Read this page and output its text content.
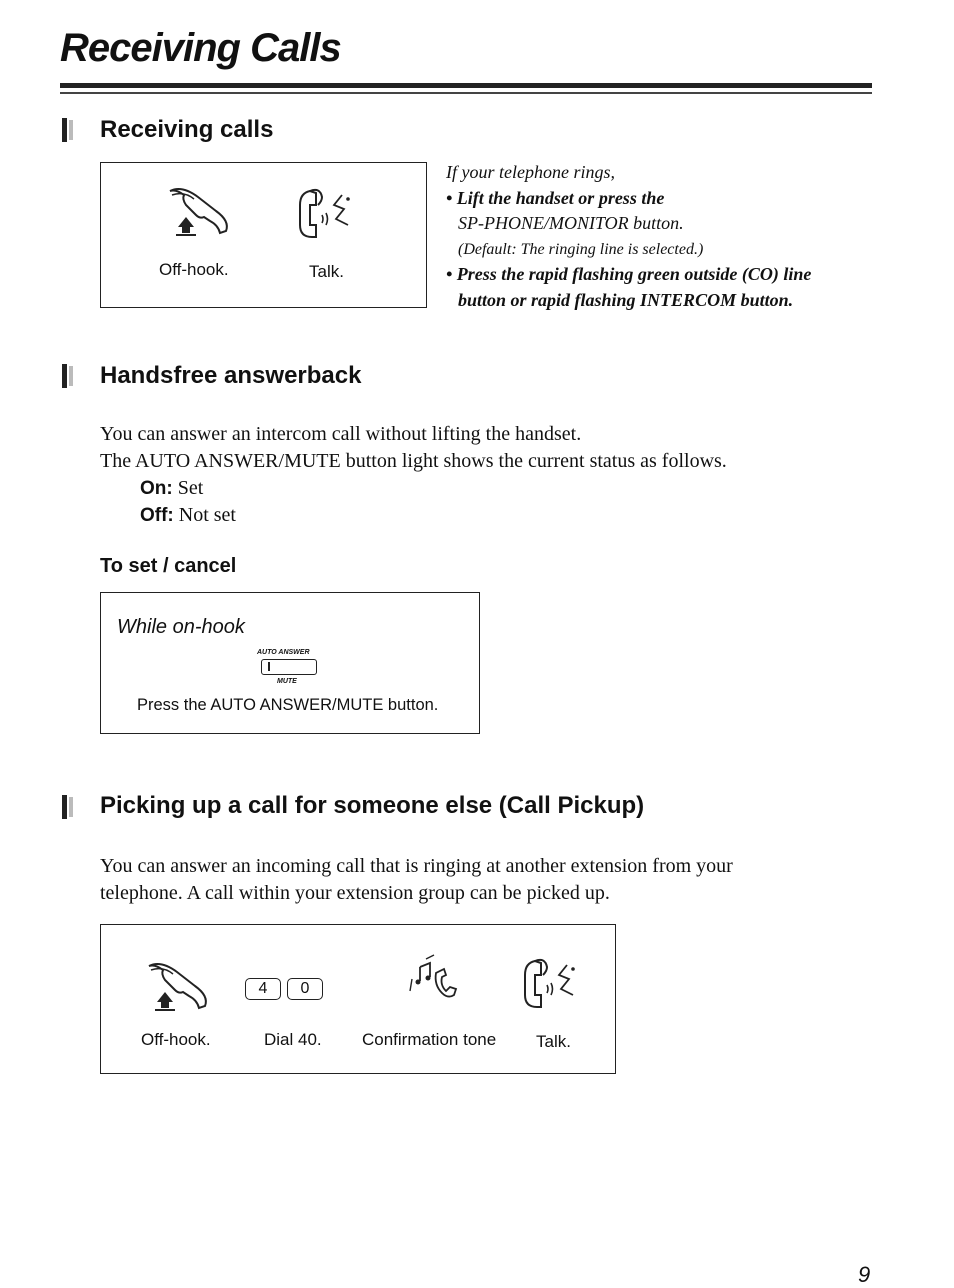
Receiving Calls
Receiving calls
Off-hook.	Talk.
If your telephone rings,
• Lift the handset or press the
SP-PHONE/MONITOR button.
(Default: The ringing line is selected.)
• Press the rapid flashing green outside (CO) line
button or rapid flashing INTERCOM button.
Handsfree answerback
You can answer an intercom call without lifting the handset.
The AUTO ANSWER/MUTE button light shows the current status as follows.
On: Set
Off: Not set
To set / cancel
While on-hook
AUTO ANSWER
MUTE
Press the AUTO ANSWER/MUTE button.
Picking up a call for someone else (Call Pickup)
You can answer an incoming call that is ringing at another extension from your
telephone. A call within your extension group can be picked up.
4 0
Off-hook.	Dial 40. Confirmation tone Talk.
9
